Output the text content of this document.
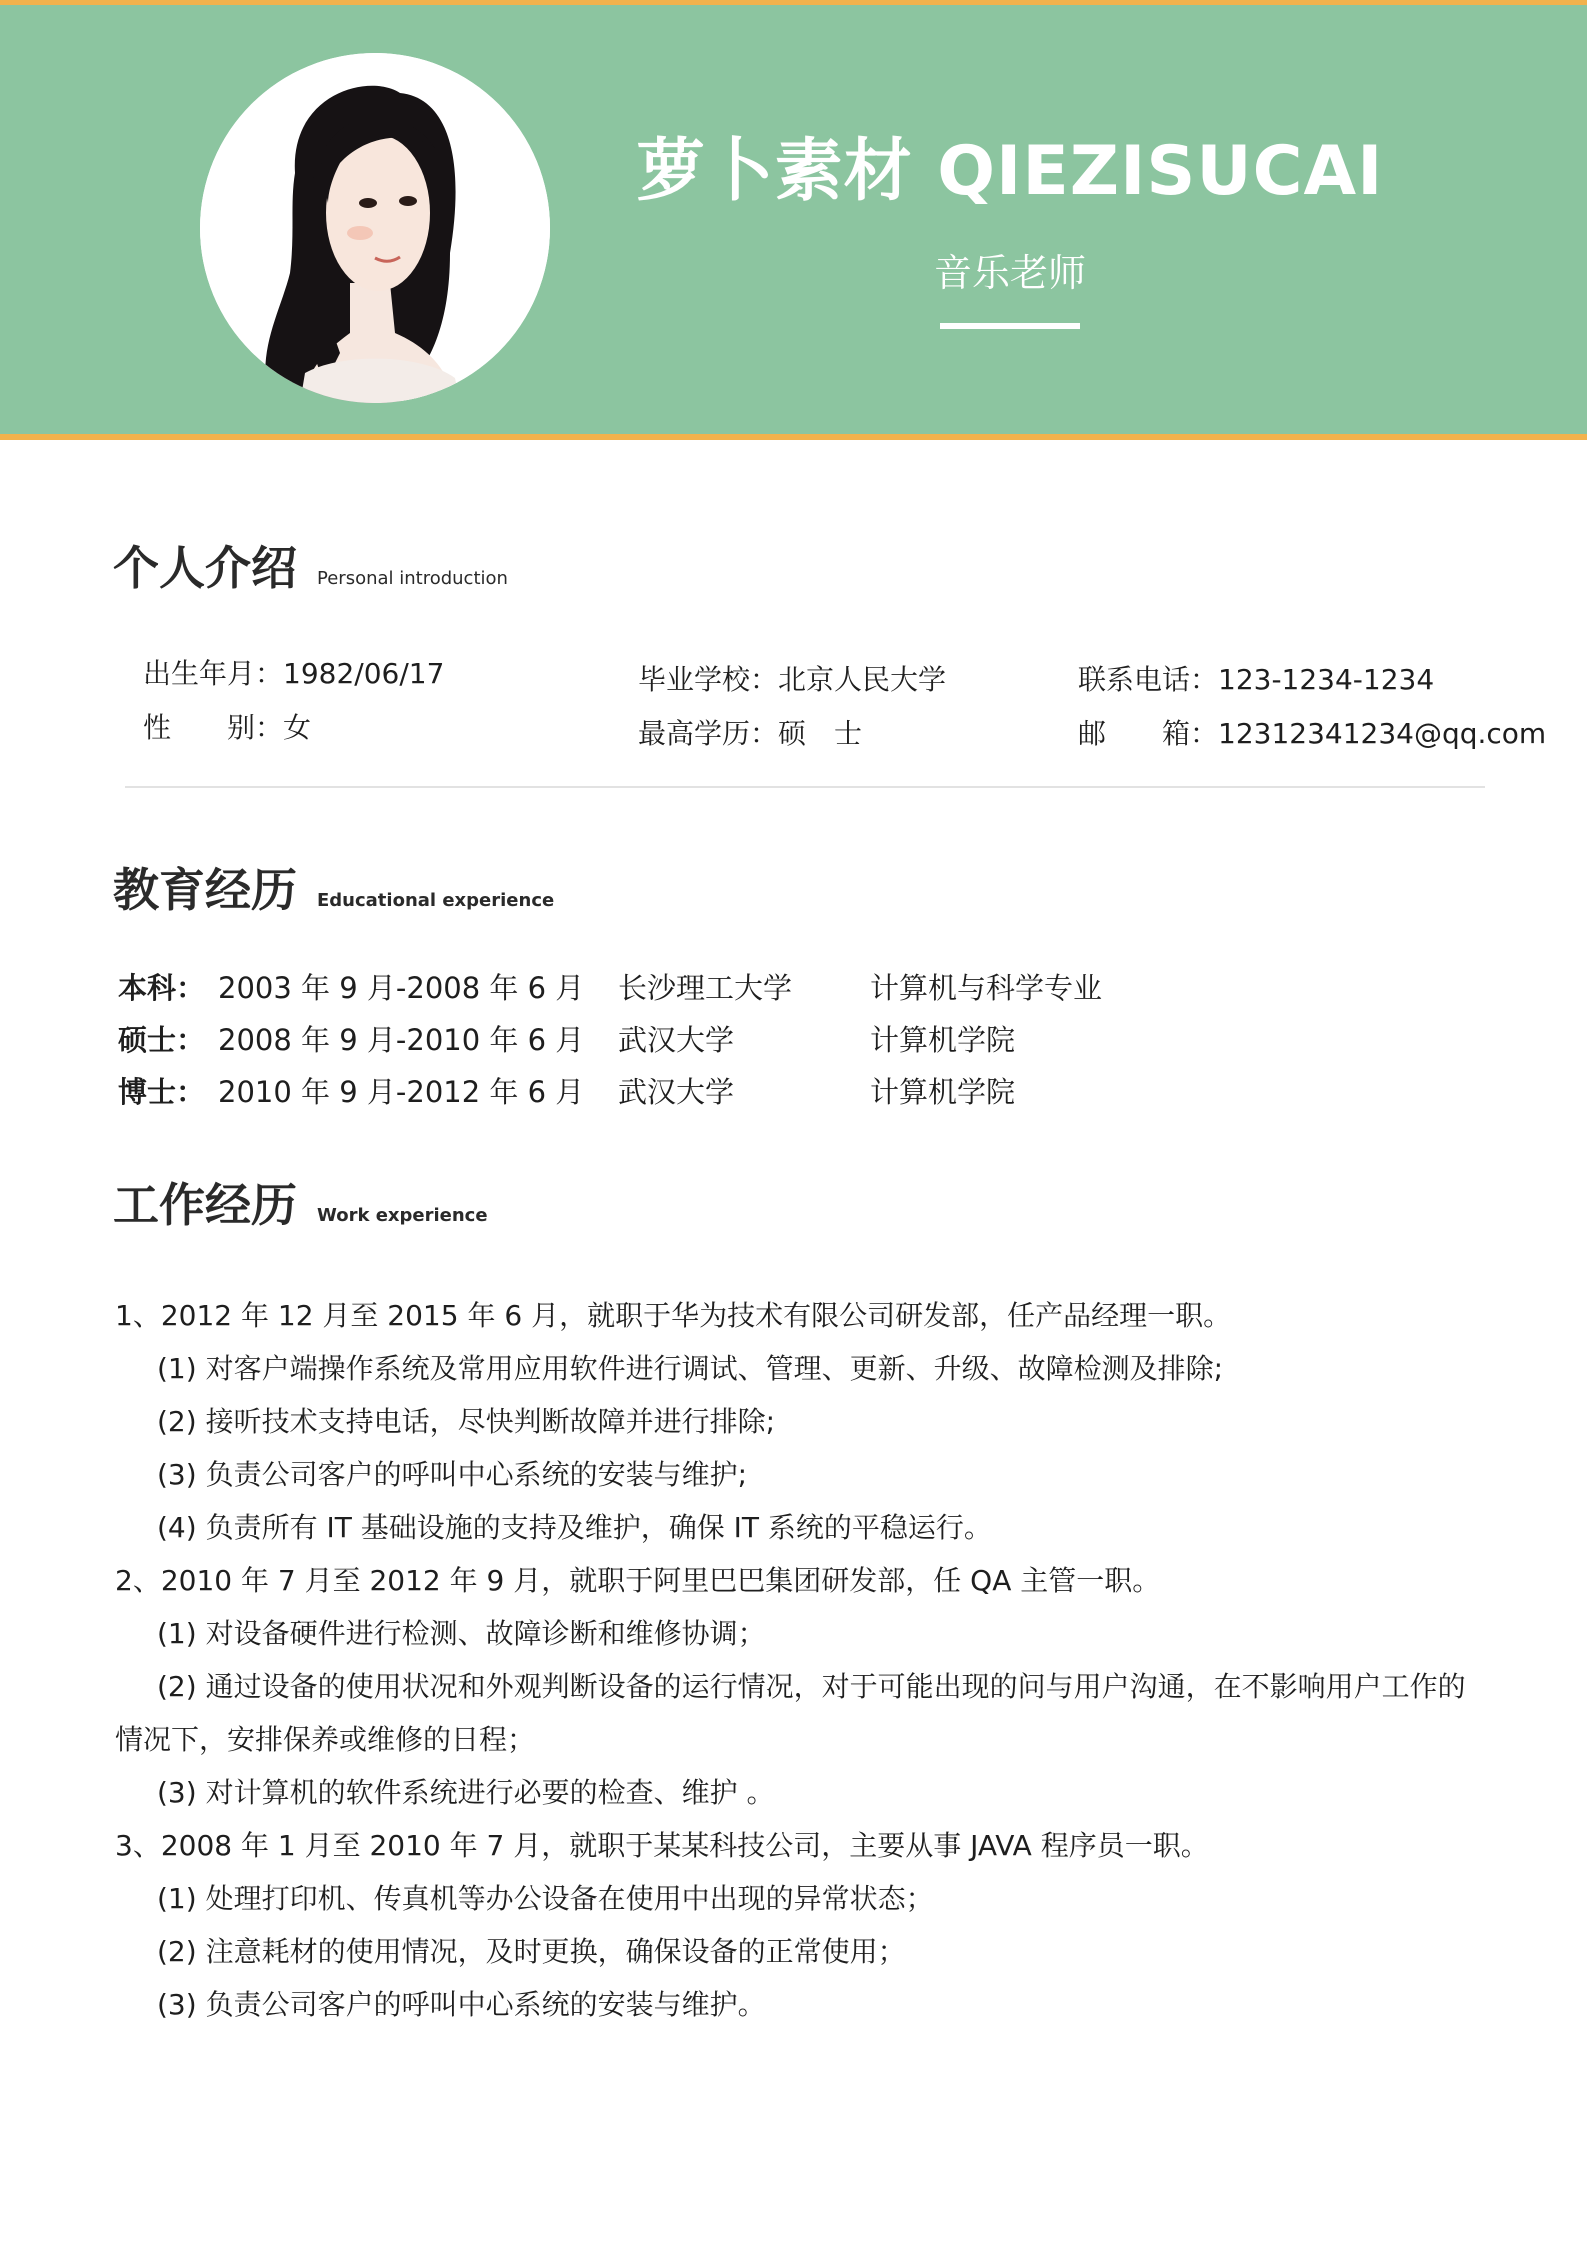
萝卜素材 QIEZISUCAI
音乐老师
个人介绍 Personal introduction
出生年月：1982/06/17
性　　别：女
毕业学校：北京人民大学
最高学历：硕　士
联系电话：123-1234-1234
邮　　箱：12312341234@qq.com
教育经历 Educational experience
本科： 2003 年 9 月-2008 年 6 月 长沙理工大学	计算机与科学专业
硕士： 2008 年 9 月-2010 年 6 月 武汉大学	计算机学院
博士： 2010 年 9 月-2012 年 6 月 武汉大学	计算机学院
工作经历 Work experience
1、2012 年 12 月至 2015 年 6 月，就职于华为技术有限公司研发部，任产品经理一职。
(1) 对客户端操作系统及常用应用软件进行调试、管理、更新、升级、故障检测及排除;
(2) 接听技术支持电话，尽快判断故障并进行排除;
(3) 负责公司客户的呼叫中心系统的安装与维护;
(4) 负责所有 IT 基础设施的支持及维护，确保 IT 系统的平稳运行。
2、2010 年 7 月至 2012 年 9 月，就职于阿里巴巴集团研发部，任 QA 主管一职。
(1) 对设备硬件进行检测、故障诊断和维修协调；
(2) 通过设备的使用状况和外观判断设备的运行情况，对于可能出现的问与用户沟通，在不影响用户工作的
情况下，安排保养或维修的日程；
(3) 对计算机的软件系统进行必要的检查、维护 。
3、2008 年 1 月至 2010 年 7 月，就职于某某科技公司，主要从事 JAVA 程序员一职。
(1) 处理打印机、传真机等办公设备在使用中出现的异常状态；
(2) 注意耗材的使用情况，及时更换，确保设备的正常使用；
(3) 负责公司客户的呼叫中心系统的安装与维护。
